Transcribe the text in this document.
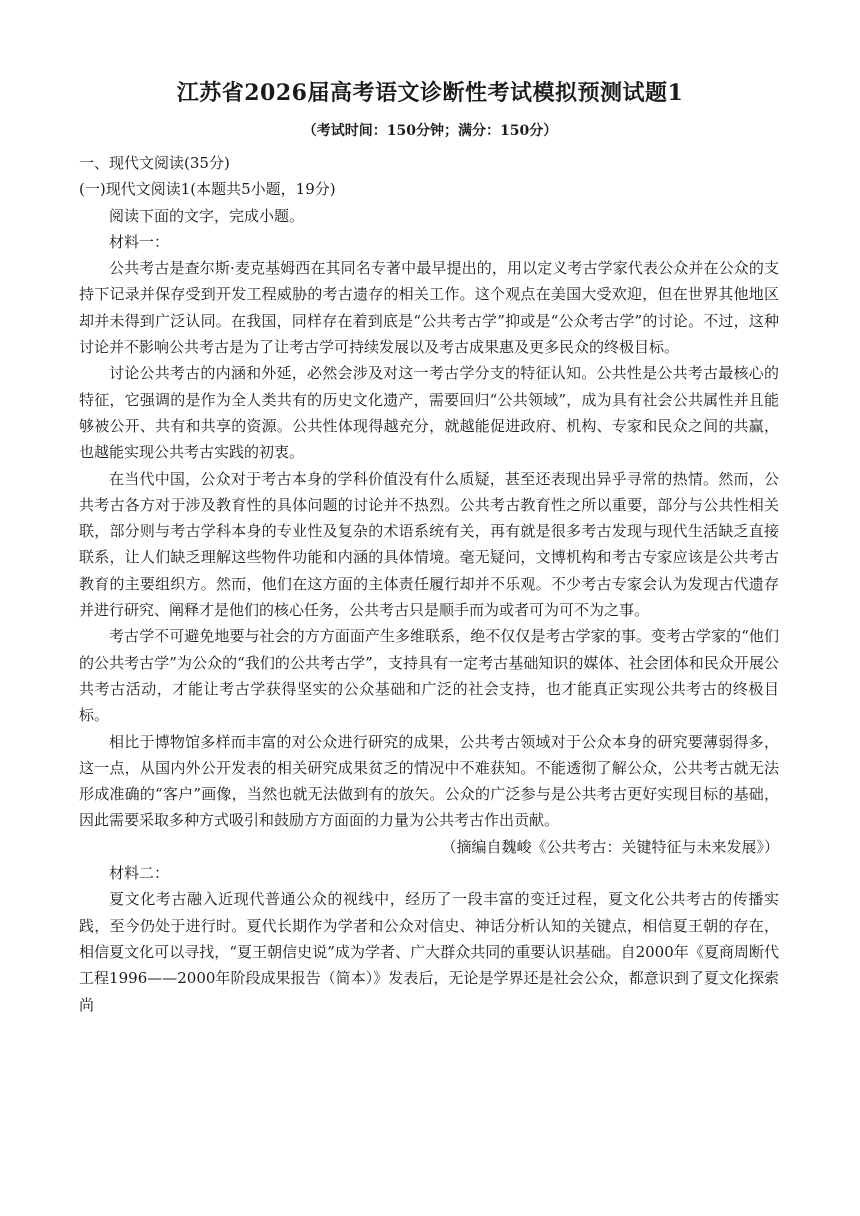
江苏省2026届高考语文诊断性考试模拟预测试题1
（考试时间：150分钟；满分：150分）

一、现代文阅读(35分)

(一)现代文阅读1(本题共5小题，19分)

阅读下面的文字，完成小题。

材料一：

公共考古是查尔斯·麦克基姆西在其同名专著中最早提出的，用以定义考古学家代表公众并在公众的支持下记录并保存受到开发工程威胁的考古遗存的相关工作。这个观点在美国大受欢迎，但在世界其他地区却并未得到广泛认同。在我国，同样存在着到底是“公共考古学”抑或是“公众考古学”的讨论。不过，这种讨论并不影响公共考古是为了让考古学可持续发展以及考古成果惠及更多民众的终极目标。

讨论公共考古的内涵和外延，必然会涉及对这一考古学分支的特征认知。公共性是公共考古最核心的特征，它强调的是作为全人类共有的历史文化遗产，需要回归“公共领域”，成为具有社会公共属性并且能够被公开、共有和共享的资源。公共性体现得越充分，就越能促进政府、机构、专家和民众之间的共赢，也越能实现公共考古实践的初衷。

在当代中国，公众对于考古本身的学科价值没有什么质疑，甚至还表现出异乎寻常的热情。然而，公共考古各方对于涉及教育性的具体问题的讨论并不热烈。公共考古教育性之所以重要，部分与公共性相关联，部分则与考古学科本身的专业性及复杂的术语系统有关，再有就是很多考古发现与现代生活缺乏直接联系，让人们缺乏理解这些物件功能和内涵的具体情境。毫无疑问，文博机构和考古专家应该是公共考古教育的主要组织方。然而，他们在这方面的主体责任履行却并不乐观。不少考古专家会认为发现古代遗存并进行研究、阐释才是他们的核心任务，公共考古只是顺手而为或者可为可不为之事。

考古学不可避免地要与社会的方方面面产生多维联系，绝不仅仅是考古学家的事。变考古学家的“他们的公共考古学”为公众的“我们的公共考古学”，支持具有一定考古基础知识的媒体、社会团体和民众开展公共考古活动，才能让考古学获得坚实的公众基础和广泛的社会支持，也才能真正实现公共考古的终极目标。

相比于博物馆多样而丰富的对公众进行研究的成果，公共考古领域对于公众本身的研究要薄弱得多，这一点，从国内外公开发表的相关研究成果贫乏的情况中不难获知。不能透彻了解公众，公共考古就无法形成准确的“客户”画像，当然也就无法做到有的放矢。公众的广泛参与是公共考古更好实现目标的基础，因此需要采取多种方式吸引和鼓励方方面面的力量为公共考古作出贡献。

（摘编自魏峻《公共考古：关键特征与未来发展》）

材料二：

夏文化考古融入近现代普通公众的视线中，经历了一段丰富的变迁过程，夏文化公共考古的传播实践，至今仍处于进行时。夏代长期作为学者和公众对信史、神话分析认知的关键点，相信夏王朝的存在，相信夏文化可以寻找，“夏王朝信史说”成为学者、广大群众共同的重要认识基础。自2000年《夏商周断代工程1996——2000年阶段成果报告（简本）》发表后，无论是学界还是社会公众，都意识到了夏文化探索尚
